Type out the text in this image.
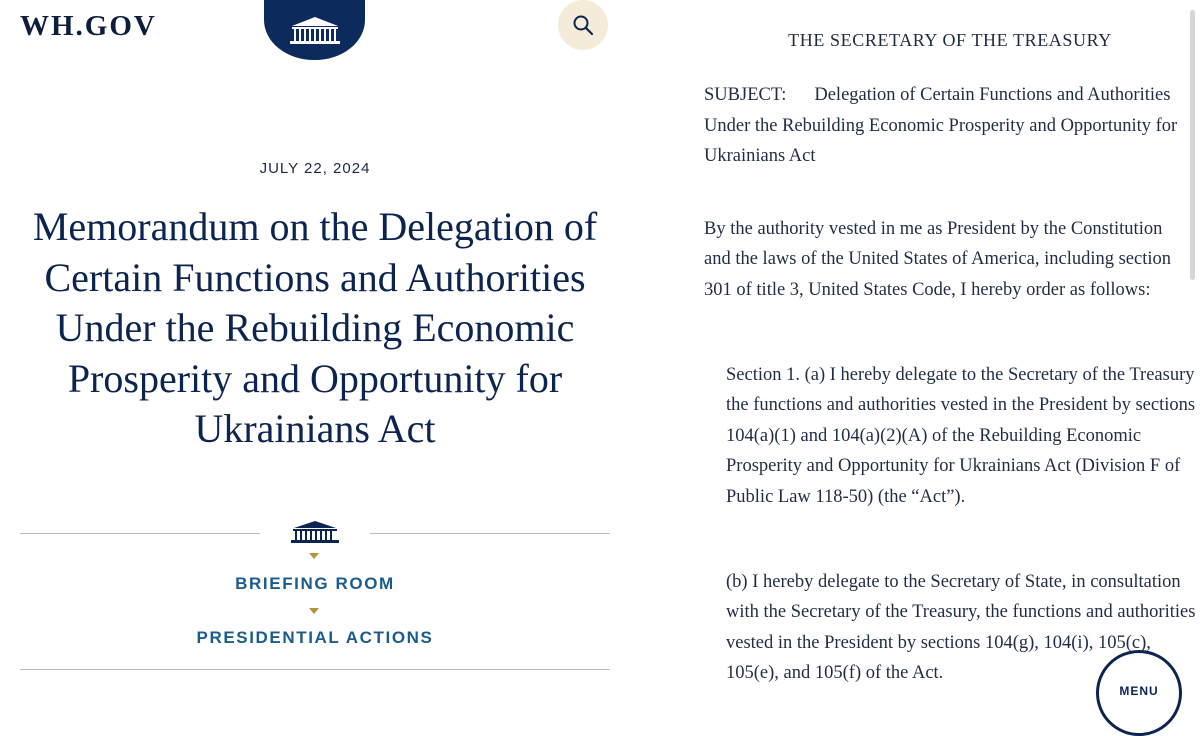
WH.GOV
JULY 22, 2024
Memorandum on the Delegation of Certain Functions and Authorities Under the Rebuilding Economic Prosperity and Opportunity for Ukrainians Act
BRIEFING ROOM
PRESIDENTIAL ACTIONS
THE SECRETARY OF THE TREASURY
SUBJECT: Delegation of Certain Functions and Authorities Under the Rebuilding Economic Prosperity and Opportunity for Ukrainians Act

By the authority vested in me as President by the Constitution and the laws of the United States of America, including section 301 of title 3, United States Code, I hereby order as follows:

Section 1. (a) I hereby delegate to the Secretary of the Treasury the functions and authorities vested in the President by sections 104(a)(1) and 104(a)(2)(A) of the Rebuilding Economic Prosperity and Opportunity for Ukrainians Act (Division F of Public Law 118-50) (the “Act”).

(b) I hereby delegate to the Secretary of State, in consultation with the Secretary of the Treasury, the functions and authorities vested in the President by sections 104(g), 104(i), 105(c), 105(e), and 105(f) of the Act.

MENU
